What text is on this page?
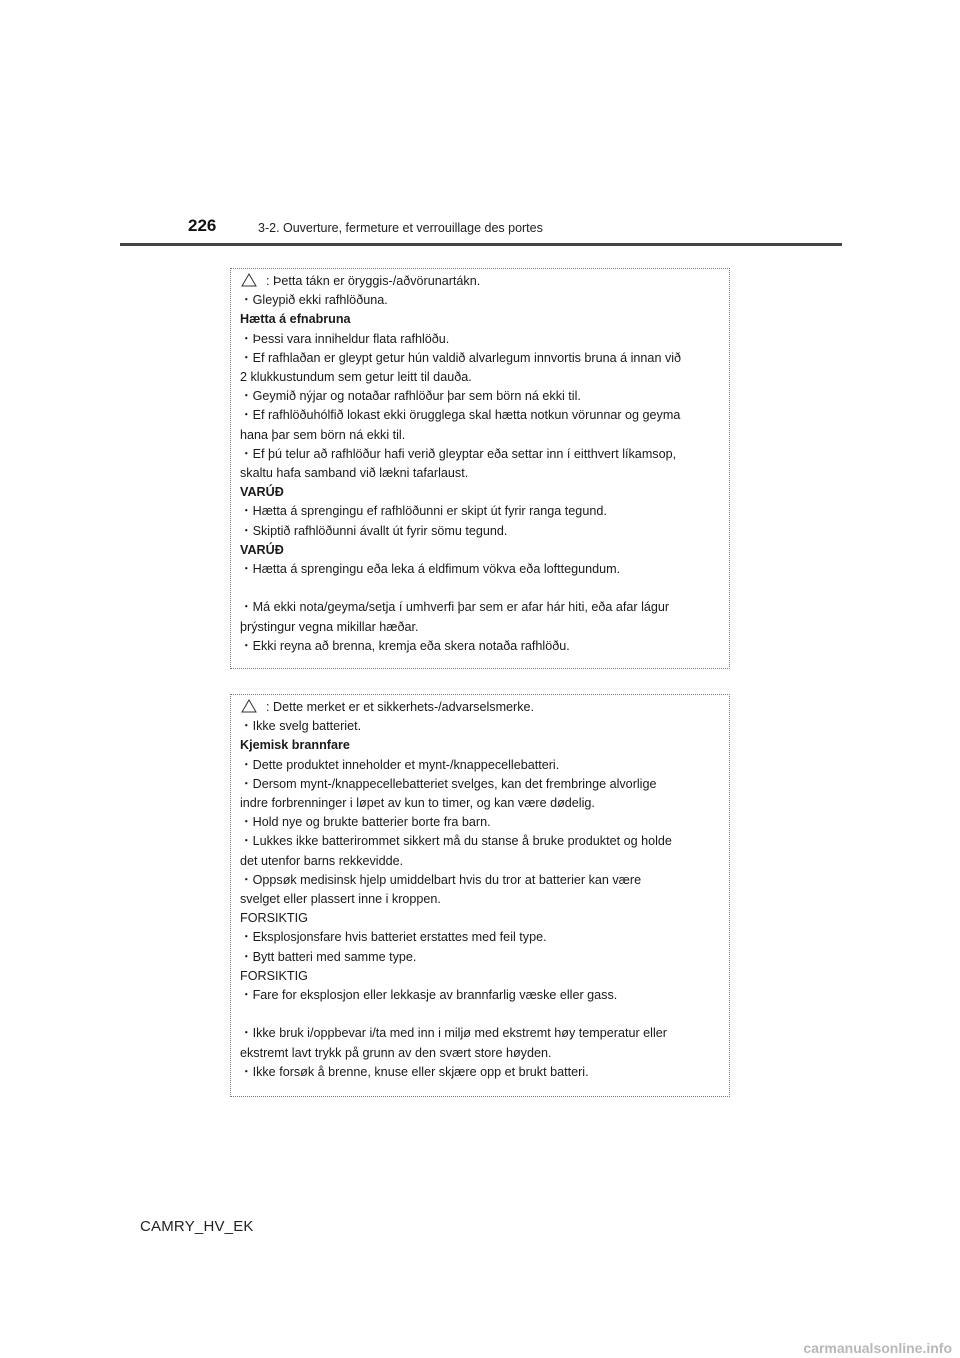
226	3-2. Ouverture, fermeture et verrouillage des portes
: Þetta tákn er öryggis-/aðvörunartákn.
・Gleypið ekki rafhlöðuna.
Hætta á efnabruna
・Þessi vara inniheldur flata rafhlöðu.
・Ef rafhlaðan er gleypt getur hún valdið alvarlegum innvortis bruna á innan við
2 klukkustundum sem getur leitt til dauða.
・Geymið nýjar og notaðar rafhlöður þar sem börn ná ekki til.
・Ef rafhlöðuhólfið lokast ekki örugglega skal hætta notkun vörunnar og geyma
hana þar sem börn ná ekki til.
・Ef þú telur að rafhlöður hafi verið gleyptar eða settar inn í eitthvert líkamsop,
skaltu hafa samband við lækni tafarlaust.
VARÚÐ
・Hætta á sprengingu ef rafhlöðunni er skipt út fyrir ranga tegund.
・Skiptið rafhlöðunni ávallt út fyrir sömu tegund.
VARÚÐ
・Hætta á sprengingu eða leka á eldfimum vökva eða lofttegundum.
・Má ekki nota/geyma/setja í umhverfi þar sem er afar hár hiti, eða afar lágur
þrýstingur vegna mikillar hæðar.
・Ekki reyna að brenna, kremja eða skera notaða rafhlöðu.
: Dette merket er et sikkerhets-/advarselsmerke.
・Ikke svelg batteriet.
Kjemisk brannfare
・Dette produktet inneholder et mynt-/knappecellebatteri.
・Dersom mynt-/knappecellebatteriet svelges, kan det frembringe alvorlige
indre forbrenninger i løpet av kun to timer, og kan være dødelig.
・Hold nye og brukte batterier borte fra barn.
・Lukkes ikke batterirommet sikkert må du stanse å bruke produktet og holde
det utenfor barns rekkevidde.
・Oppsøk medisinsk hjelp umiddelbart hvis du tror at batterier kan være
svelget eller plassert inne i kroppen.
FORSIKTIG
・Eksplosjonsfare hvis batteriet erstattes med feil type.
・Bytt batteri med samme type.
FORSIKTIG
・Fare for eksplosjon eller lekkasje av brannfarlig væske eller gass.
・Ikke bruk i/oppbevar i/ta med inn i miljø med ekstremt høy temperatur eller
ekstremt lavt trykk på grunn av den svært store høyden.
・Ikke forsøk å brenne, knuse eller skjære opp et brukt batteri.
CAMRY_HV_EK
carmanualsonline.info
